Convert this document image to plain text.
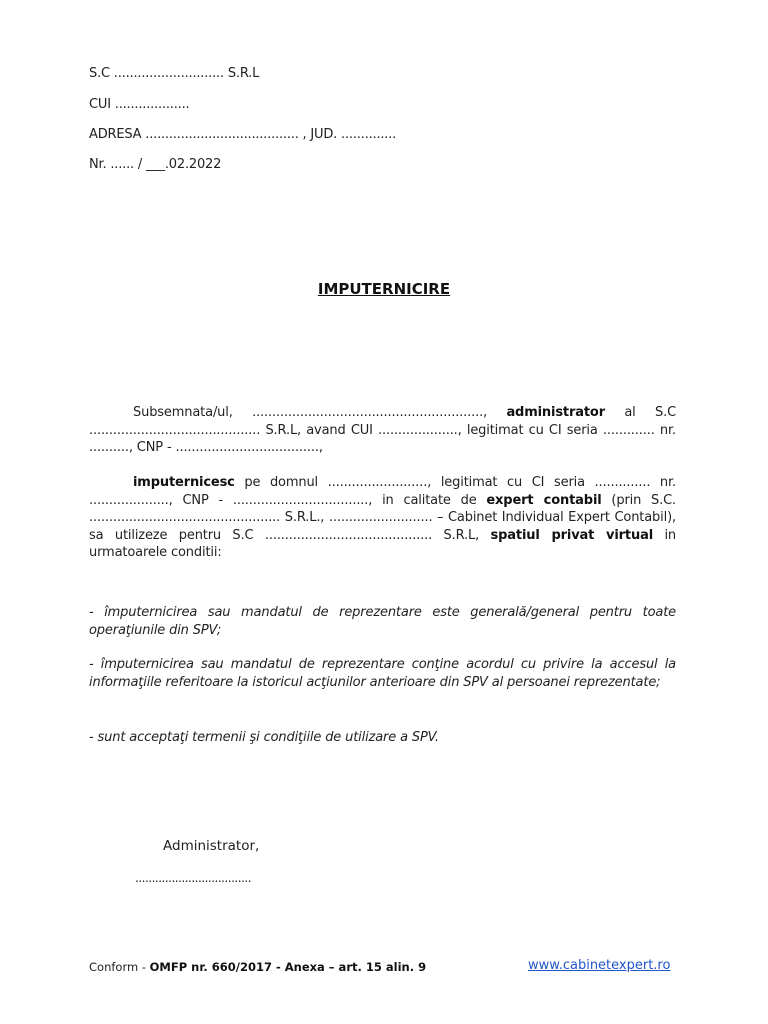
S.C ............................ S.R.L
CUI ...................
ADRESA ....................................... , JUD. ..............
Nr. ...... / ___.02.2022
IMPUTERNICIRE
Subsemnata/ul, .........................................................., administrator al S.C ........................................... S.R.L, avand CUI ...................., legitimat cu CI seria ............. nr. .........., CNP - ....................................,
imputernicesc pe domnul ........................., legitimat cu CI seria .............. nr. ...................., CNP - .................................., in calitate de expert contabil (prin S.C. ................................................ S.R.L., .......................... – Cabinet Individual Expert Contabil), sa utilizeze pentru S.C .......................................... S.R.L, spatiul privat virtual in urmatoarele conditii:
- împuternicirea sau mandatul de reprezentare este generală/general pentru toate operaţiunile din SPV;
- împuternicirea sau mandatul de reprezentare conţine acordul cu privire la accesul la informaţiile referitoare la istoricul acţiunilor anterioare din SPV al persoanei reprezentate;
- sunt acceptaţi termenii şi condiţiile de utilizare a SPV.
Administrator,
...................................
Conform - OMFP nr. 660/2017 - Anexa – art. 15 alin. 9	www.cabinetexpert.ro
